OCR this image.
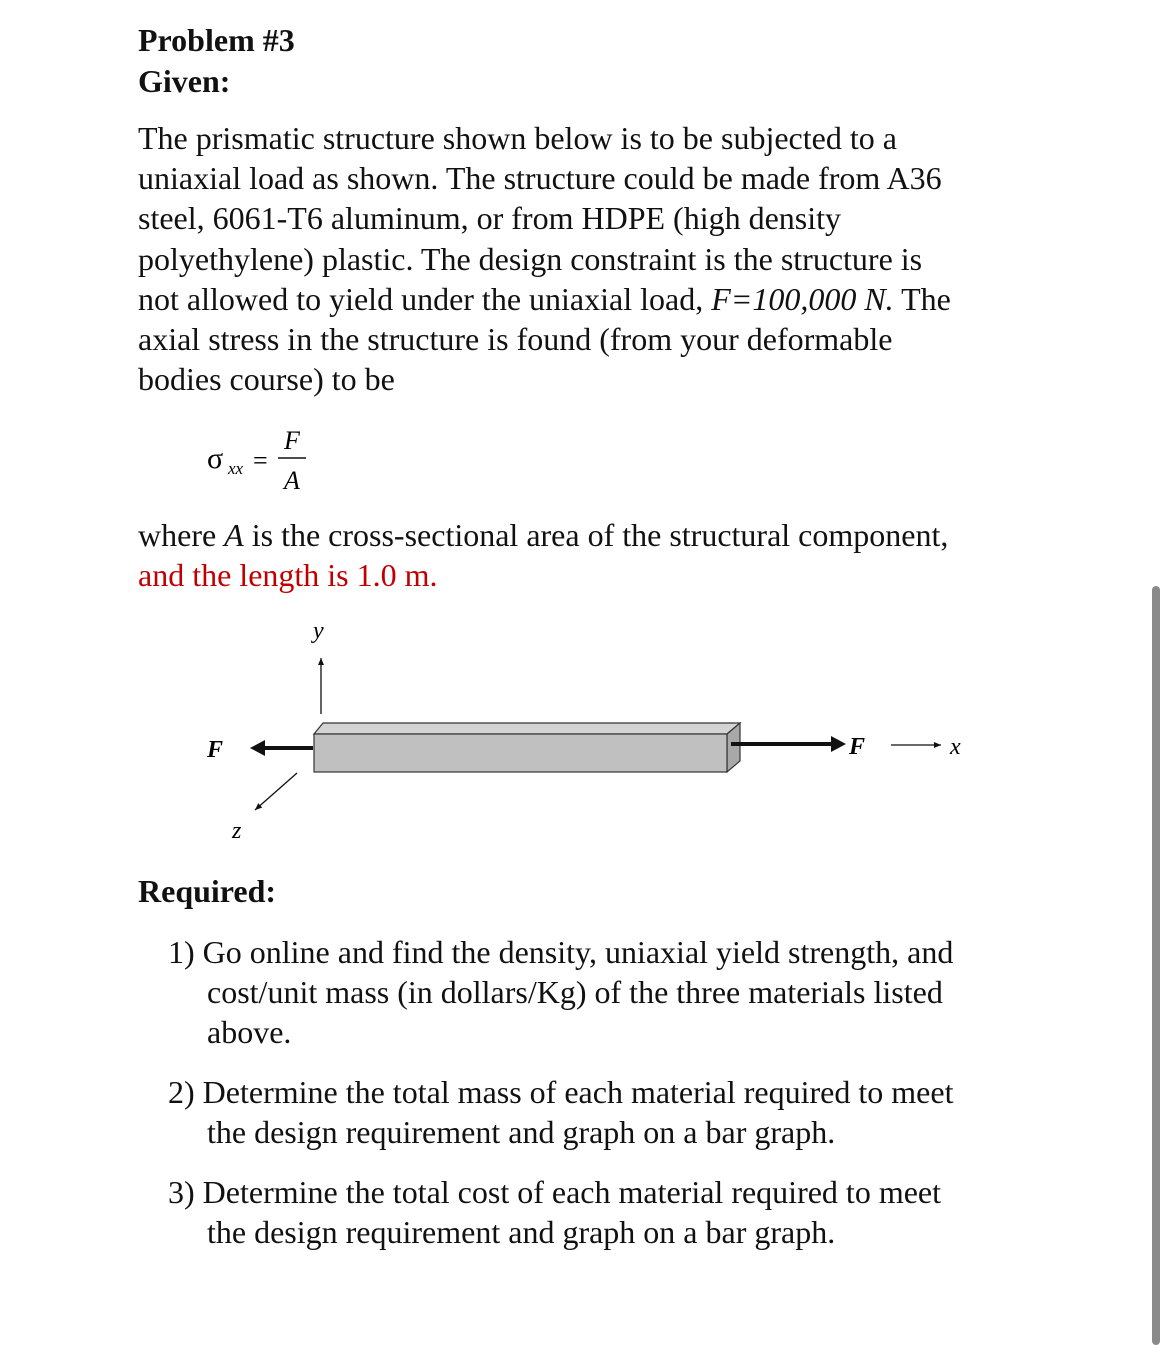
Problem #3
Given:
The prismatic structure shown below is to be subjected to a
uniaxial load as shown. The structure could be made from A36
steel, 6061-T6 aluminum, or from HDPE (high density
polyethylene) plastic. The design constraint is the structure is
not allowed to yield under the uniaxial load, F=100,000 N. The
axial stress in the structure is found (from your deformable
bodies course) to be
σ xx =
F
A
where A is the cross-sectional area of the structural component,
and the length is 1.0 m.
y
z
x
F	F
Required:
1) Go online and find the density, uniaxial yield strength, and
cost/unit mass (in dollars/Kg) of the three materials listed
above.
2) Determine the total mass of each material required to meet
the design requirement and graph on a bar graph.
3) Determine the total cost of each material required to meet
the design requirement and graph on a bar graph.
